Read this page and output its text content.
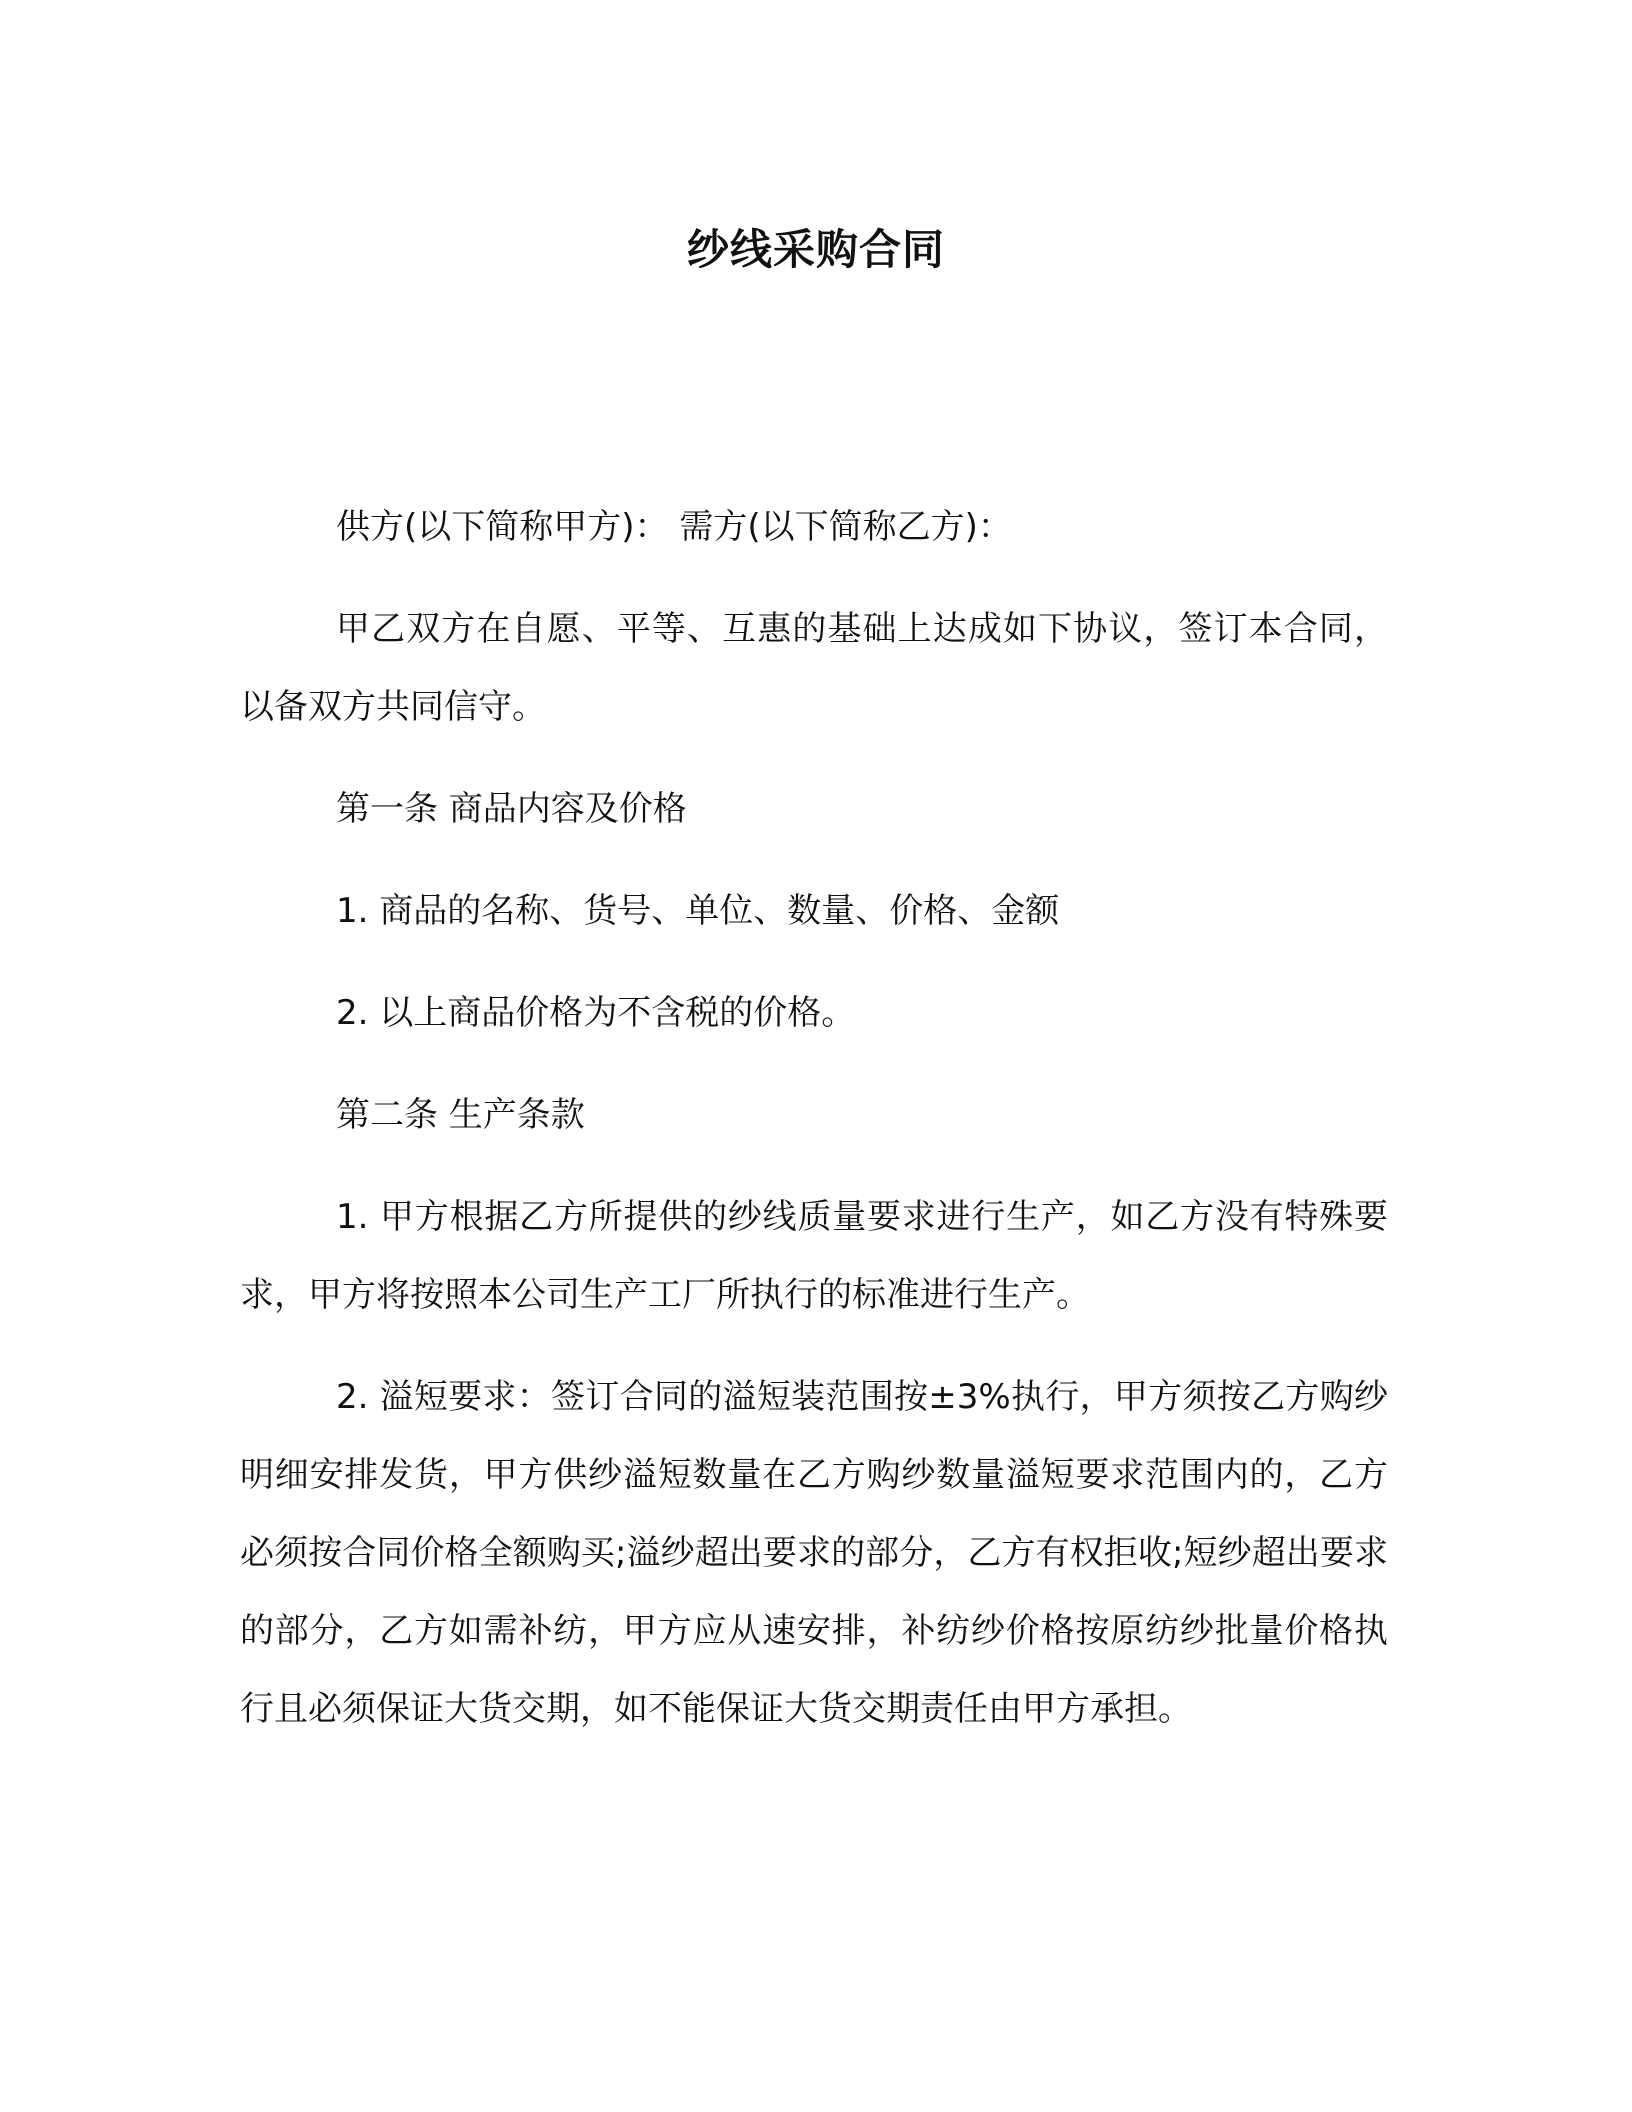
纱线采购合同

供方(以下简称甲方)： 需方(以下简称乙方)：

甲乙双方在自愿、平等、互惠的基础上达成如下协议，签订本合同，以备双方共同信守。

第一条 商品内容及价格

1. 商品的名称、货号、单位、数量、价格、金额

2. 以上商品价格为不含税的价格。

第二条 生产条款

1. 甲方根据乙方所提供的纱线质量要求进行生产，如乙方没有特殊要求，甲方将按照本公司生产工厂所执行的标准进行生产。

2. 溢短要求：签订合同的溢短装范围按±3%执行，甲方须按乙方购纱明细安排发货，甲方供纱溢短数量在乙方购纱数量溢短要求范围内的，乙方必须按合同价格全额购买;溢纱超出要求的部分，乙方有权拒收;短纱超出要求的部分，乙方如需补纺，甲方应从速安排，补纺纱价格按原纺纱批量价格执行且必须保证大货交期，如不能保证大货交期责任由甲方承担。
